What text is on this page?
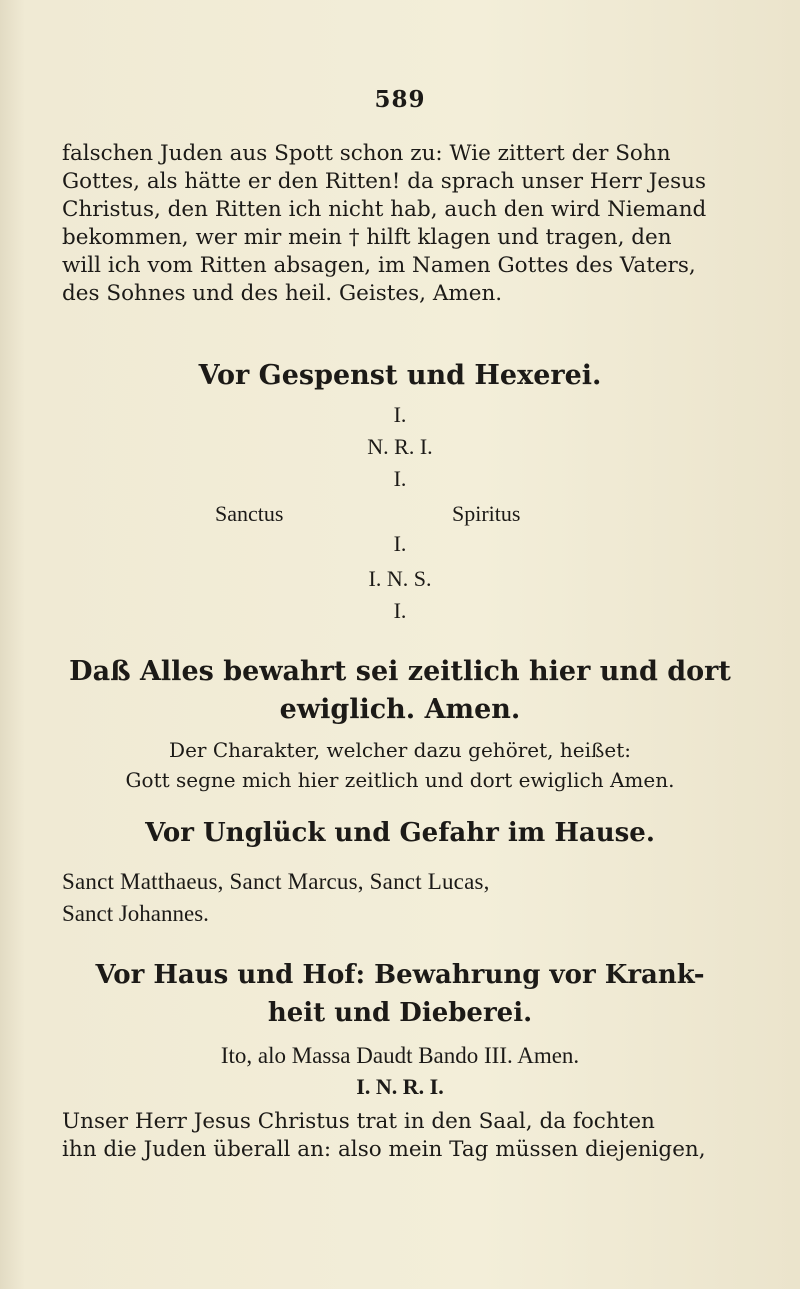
589
falschen Juden aus Spott schon zu: Wie zittert der Sohn
Gottes, als hätte er den Ritten! da sprach unser Herr Jesus
Christus, den Ritten ich nicht hab, auch den wird Niemand
bekommen, wer mir mein † hilft klagen und tragen, den
will ich vom Ritten absagen, im Namen Gottes des Vaters,
des Sohnes und des heil. Geistes, Amen.
Vor Gespenst und Hexerei.
I.
N. R. I.
I.
Sanctus	Spiritus
I.
I. N. S.
I.
Daß Alles bewahrt sei zeitlich hier und dort
ewiglich. Amen.
Der Charakter, welcher dazu gehöret, heißet:
Gott segne mich hier zeitlich und dort ewiglich Amen.
Vor Unglück und Gefahr im Hause.
Sanct Matthaeus, Sanct Marcus, Sanct Lucas,
Sanct Johannes.
Vor Haus und Hof: Bewahrung vor Krank-
heit und Dieberei.
Ito, alo Massa Daudt Bando III. Amen.
I. N. R. I.
Unser Herr Jesus Christus trat in den Saal, da fochten
ihn die Juden überall an: also mein Tag müssen diejenigen,
